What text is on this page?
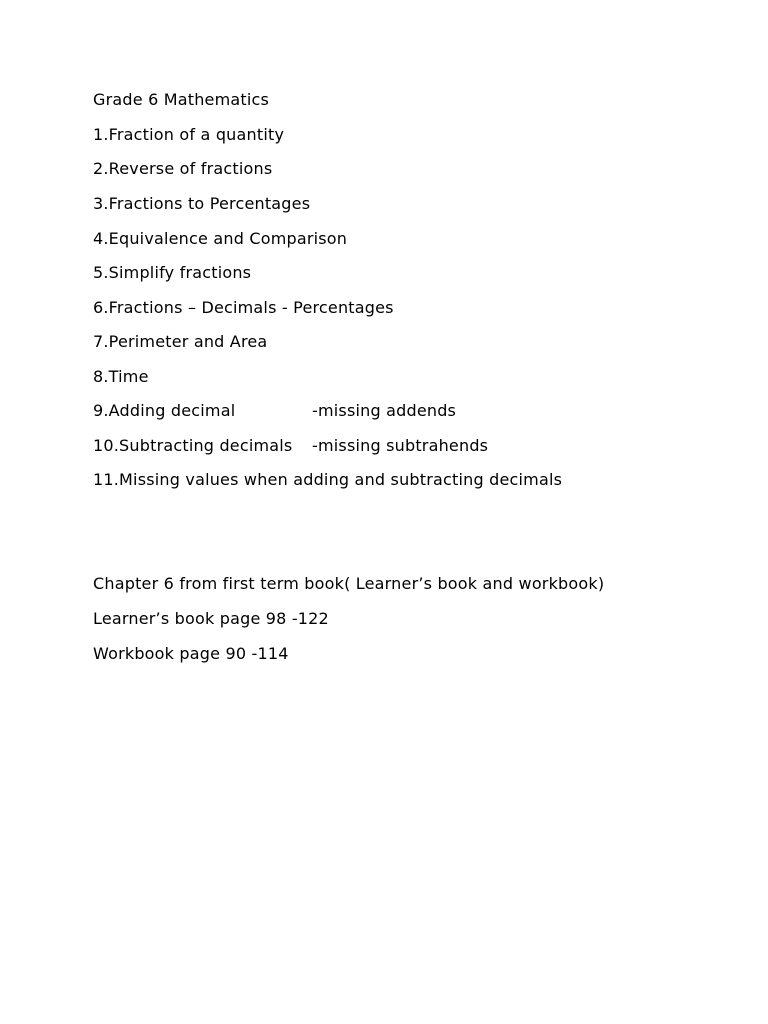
Grade 6 Mathematics
1.Fraction of a quantity
2.Reverse of fractions
3.Fractions to Percentages
4.Equivalence and Comparison
5.Simplify fractions
6.Fractions – Decimals - Percentages
7.Perimeter and Area
8.Time
9.Adding decimal	-missing addends
10.Subtracting decimals -missing subtrahends
11.Missing values when adding and subtracting decimals
Chapter 6 from first term book( Learner’s book and workbook)
Learner’s book page 98 -122
Workbook page 90 -114
